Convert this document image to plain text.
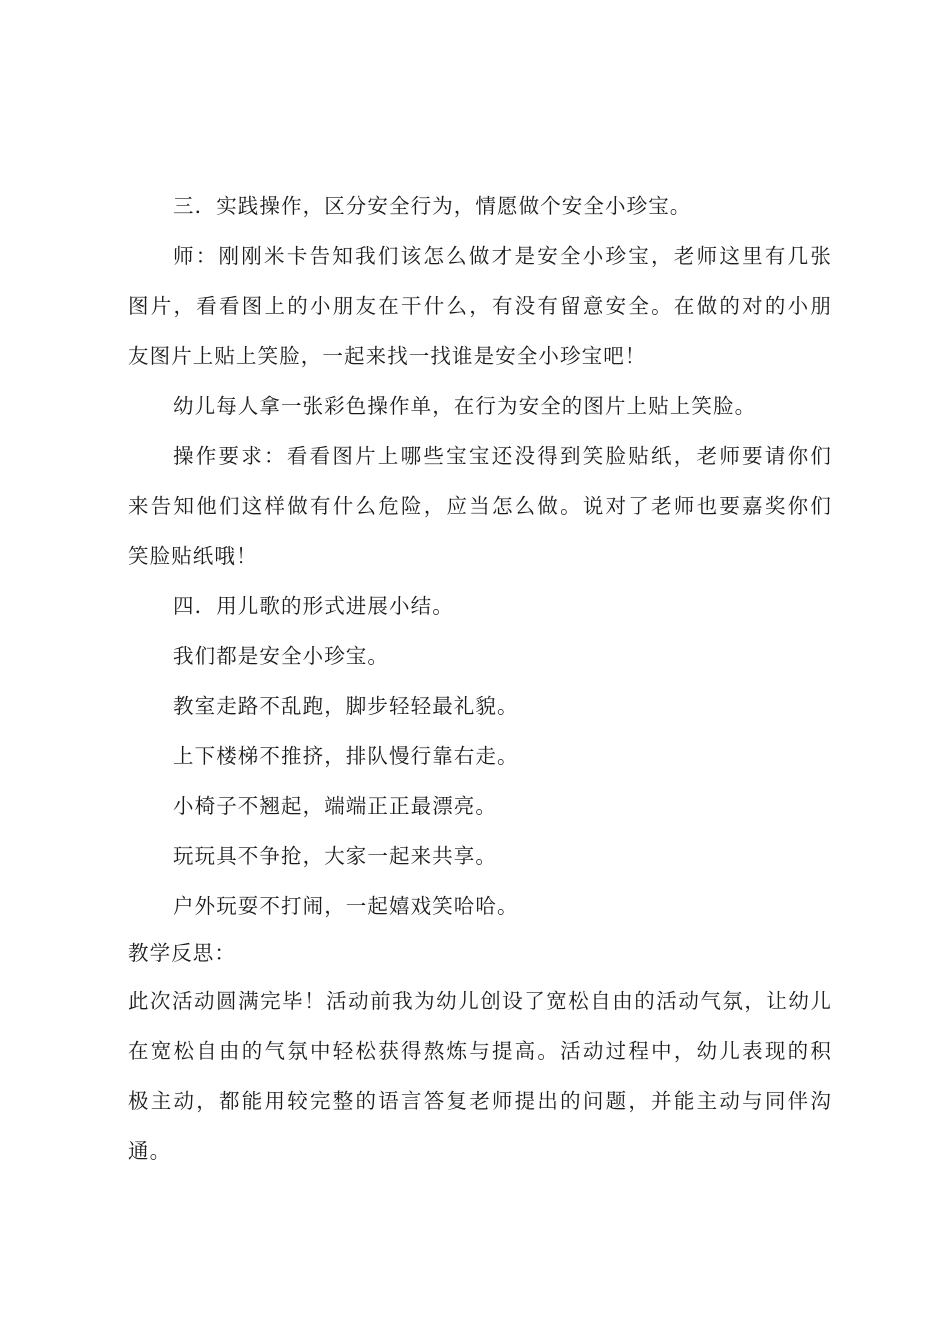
三．实践操作，区分安全行为，情愿做个安全小珍宝。
师：刚刚米卡告知我们该怎么做才是安全小珍宝，老师这里有几张
图片，看看图上的小朋友在干什么，有没有留意安全。在做的对的小朋
友图片上贴上笑脸，一起来找一找谁是安全小珍宝吧！
幼儿每人拿一张彩色操作单，在行为安全的图片上贴上笑脸。
操作要求：看看图片上哪些宝宝还没得到笑脸贴纸，老师要请你们
来告知他们这样做有什么危险，应当怎么做。说对了老师也要嘉奖你们
笑脸贴纸哦！
四．用儿歌的形式进展小结。
我们都是安全小珍宝。
教室走路不乱跑，脚步轻轻最礼貌。
上下楼梯不推挤，排队慢行靠右走。
小椅子不翘起，端端正正最漂亮。
玩玩具不争抢，大家一起来共享。
户外玩耍不打闹，一起嬉戏笑哈哈。
教学反思：
此次活动圆满完毕！活动前我为幼儿创设了宽松自由的活动气氛，让幼儿
在宽松自由的气氛中轻松获得熬炼与提高。活动过程中，幼儿表现的积
极主动，都能用较完整的语言答复老师提出的问题，并能主动与同伴沟
通。
